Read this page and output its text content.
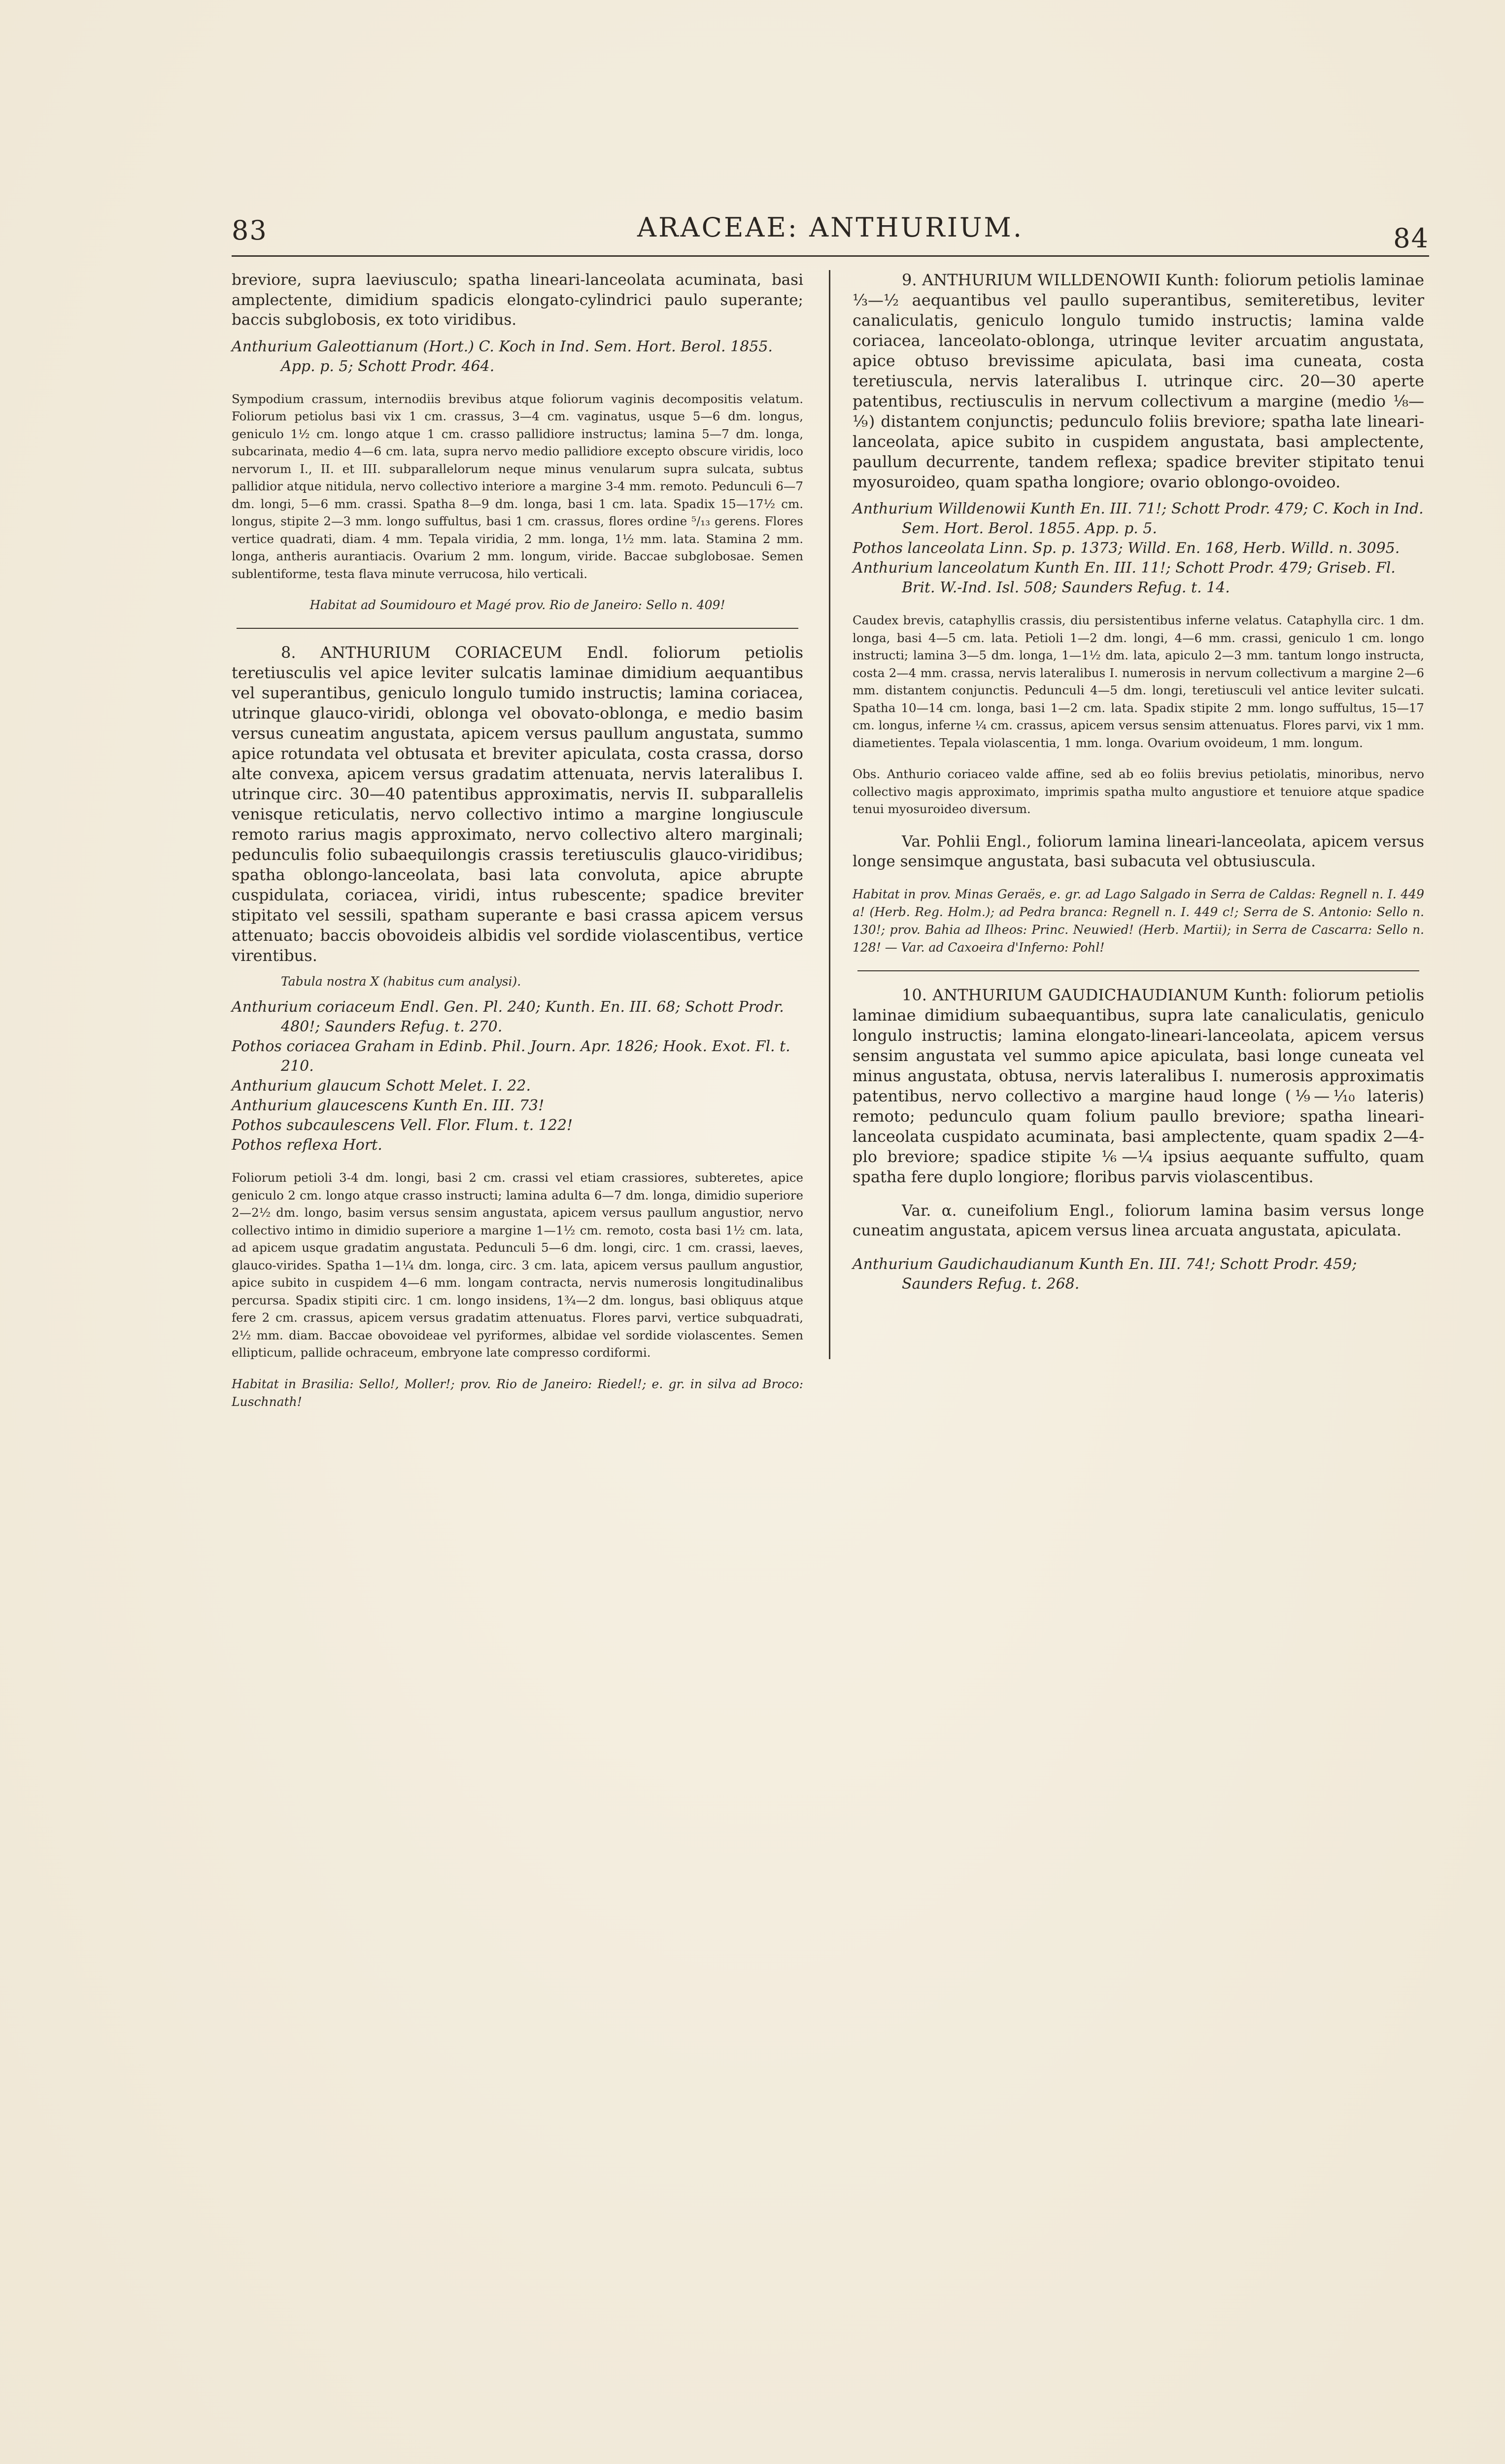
83	ARACEAE: ANTHURIUM.	84

breviore, supra laeviusculo; spatha lineari-lanceolata acuminata, basi amplectente, dimidium spadicis elongato-cylindrici paulo superante; baccis subglobosis, ex toto viridibus.

Anthurium Galeottianum (Hort.) C. Koch in Ind. Sem. Hort. Berol. 1855. App. p. 5; Schott Prodr. 464.

Sympodium crassum, internodiis brevibus atque foliorum vaginis decompositis velatum. Foliorum petiolus basi vix 1 cm. crassus, 3—4 cm. vaginatus, usque 5—6 dm. longus, geniculo 1½ cm. longo atque 1 cm. crasso pallidiore instructus; lamina 5—7 dm. longa, subcarinata, medio 4—6 cm. lata, supra nervo medio pallidiore excepto obscure viridis, loco nervorum I., II. et III. subparallelorum neque minus venularum supra sulcata, subtus pallidior atque nitidula, nervo collectivo interiore a margine 3-4 mm. remoto. Pedunculi 6—7 dm. longi, 5—6 mm. crassi. Spatha 8—9 dm. longa, basi 1 cm. lata. Spadix 15—17½ cm. longus, stipite 2—3 mm. longo suffultus, basi 1 cm. crassus, flores ordine ⁵/₁₃ gerens. Flores vertice quadrati, diam. 4 mm. Tepala viridia, 2 mm. longa, 1½ mm. lata. Stamina 2 mm. longa, antheris aurantiacis. Ovarium 2 mm. longum, viride. Baccae subglobosae. Semen sublentiforme, testa flava minute verrucosa, hilo verticali.

Habitat ad Soumidouro et Magé prov. Rio de Janeiro: Sello n. 409!

8. ANTHURIUM CORIACEUM Endl. foliorum petiolis teretiusculis vel apice leviter sulcatis laminae dimidium aequantibus vel superantibus, geniculo longulo tumido instructis; lamina coriacea, utrinque glauco-viridi, oblonga vel obovato-oblonga, e medio basim versus cuneatim angustata, apicem versus paullum angustata, summo apice rotundata vel obtusata et breviter apiculata, costa crassa, dorso alte convexa, apicem versus gradatim attenuata, nervis lateralibus I. utrinque circ. 30—40 patentibus approximatis, nervis II. subparallelis venisque reticulatis, nervo collectivo intimo a margine longiuscule remoto rarius magis approximato, nervo collectivo altero marginali; pedunculis folio subaequilongis crassis teretiusculis glauco-viridibus; spatha oblongo-lanceolata, basi lata convoluta, apice abrupte cuspidulata, coriacea, viridi, intus rubescente; spadice breviter stipitato vel sessili, spatham superante e basi crassa apicem versus attenuato; baccis obovoideis albidis vel sordide violascentibus, vertice virentibus.

Tabula nostra X (habitus cum analysi).

Anthurium coriaceum Endl. Gen. Pl. 240; Kunth. En. III. 68; Schott Prodr. 480!; Saunders Refug. t. 270.

Pothos coriacea Graham in Edinb. Phil. Journ. Apr. 1826; Hook. Exot. Fl. t. 210.

Anthurium glaucum Schott Melet. I. 22.

Anthurium glaucescens Kunth En. III. 73!

Pothos subcaulescens Vell. Flor. Flum. t. 122!

Pothos reflexa Hort.

Foliorum petioli 3-4 dm. longi, basi 2 cm. crassi vel etiam crassiores, subteretes, apice geniculo 2 cm. longo atque crasso instructi; lamina adulta 6—7 dm. longa, dimidio superiore 2—2½ dm. longo, basim versus sensim angustata, apicem versus paullum angustior, nervo collectivo intimo in dimidio superiore a margine 1—1½ cm. remoto, costa basi 1½ cm. lata, ad apicem usque gradatim angustata. Pedunculi 5—6 dm. longi, circ. 1 cm. crassi, laeves, glauco-virides. Spatha 1—1¼ dm. longa, circ. 3 cm. lata, apicem versus paullum angustior, apice subito in cuspidem 4—6 mm. longam contracta, nervis numerosis longitudinalibus percursa. Spadix stipiti circ. 1 cm. longo insidens, 1¾—2 dm. longus, basi obliquus atque fere 2 cm. crassus, apicem versus gradatim attenuatus. Flores parvi, vertice subquadrati, 2½ mm. diam. Baccae obovoideae vel pyriformes, albidae vel sordide violascentes. Semen ellipticum, pallide ochraceum, embryone late compresso cordiformi.

Habitat in Brasilia: Sello!, Moller!; prov. Rio de Janeiro: Riedel!; e. gr. in silva ad Broco: Luschnath!

9. ANTHURIUM WILLDENOWII Kunth: foliorum petiolis laminae ⅓—½ aequantibus vel paullo superantibus, semiteretibus, leviter canaliculatis, geniculo longulo tumido instructis; lamina valde coriacea, lanceolato-oblonga, utrinque leviter arcuatim angustata, apice obtuso brevissime apiculata, basi ima cuneata, costa teretiuscula, nervis lateralibus I. utrinque circ. 20—30 aperte patentibus, rectiusculis in nervum collectivum a margine (medio ⅛—⅑) distantem conjunctis; pedunculo foliis breviore; spatha late lineari-lanceolata, apice subito in cuspidem angustata, basi amplectente, paullum decurrente, tandem reflexa; spadice breviter stipitato tenui myosuroideo, quam spatha longiore; ovario oblongo-ovoideo.

Anthurium Willdenowii Kunth En. III. 71!; Schott Prodr. 479; C. Koch in Ind. Sem. Hort. Berol. 1855. App. p. 5.

Pothos lanceolata Linn. Sp. p. 1373; Willd. En. 168, Herb. Willd. n. 3095.

Anthurium lanceolatum Kunth En. III. 11!; Schott Prodr. 479; Griseb. Fl. Brit. W.-Ind. Isl. 508; Saunders Refug. t. 14.

Caudex brevis, cataphyllis crassis, diu persistentibus inferne velatus. Cataphylla circ. 1 dm. longa, basi 4—5 cm. lata. Petioli 1—2 dm. longi, 4—6 mm. crassi, geniculo 1 cm. longo instructi; lamina 3—5 dm. longa, 1—1½ dm. lata, apiculo 2—3 mm. tantum longo instructa, costa 2—4 mm. crassa, nervis lateralibus I. numerosis in nervum collectivum a margine 2—6 mm. distantem conjunctis. Pedunculi 4—5 dm. longi, teretiusculi vel antice leviter sulcati. Spatha 10—14 cm. longa, basi 1—2 cm. lata. Spadix stipite 2 mm. longo suffultus, 15—17 cm. longus, inferne ¼ cm. crassus, apicem versus sensim attenuatus. Flores parvi, vix 1 mm. diametientes. Tepala violascentia, 1 mm. longa. Ovarium ovoideum, 1 mm. longum.

Obs. Anthurio coriaceo valde affine, sed ab eo foliis brevius petiolatis, minoribus, nervo collectivo magis approximato, imprimis spatha multo angustiore et tenuiore atque spadice tenui myosuroideo diversum.

Var. Pohlii Engl., foliorum lamina lineari-lanceolata, apicem versus longe sensimque angustata, basi subacuta vel obtusiuscula.

Habitat in prov. Minas Geraës, e. gr. ad Lago Salgado in Serra de Caldas: Regnell n. I. 449 a! (Herb. Reg. Holm.); ad Pedra branca: Regnell n. I. 449 c!; Serra de S. Antonio: Sello n. 130!; prov. Bahia ad Ilheos: Princ. Neuwied! (Herb. Martii); in Serra de Cascarra: Sello n. 128! — Var. ad Caxoeira d'Inferno: Pohl!

10. ANTHURIUM GAUDICHAUDIANUM Kunth: foliorum petiolis laminae dimidium subaequantibus, supra late canaliculatis, geniculo longulo instructis; lamina elongato-lineari-lanceolata, apicem versus sensim angustata vel summo apice apiculata, basi longe cuneata vel minus angustata, obtusa, nervis lateralibus I. numerosis approximatis patentibus, nervo collectivo a margine haud longe (⅑—⅒ lateris) remoto; pedunculo quam folium paullo breviore; spatha lineari-lanceolata cuspidato acuminata, basi amplectente, quam spadix 2—4-plo breviore; spadice stipite ⅙—¼ ipsius aequante suffulto, quam spatha fere duplo longiore; floribus parvis violascentibus.

Var. α. cuneifolium Engl., foliorum lamina basim versus longe cuneatim angustata, apicem versus linea arcuata angustata, apiculata.

Anthurium Gaudichaudianum Kunth En. III. 74!; Schott Prodr. 459; Saunders Refug. t. 268.
